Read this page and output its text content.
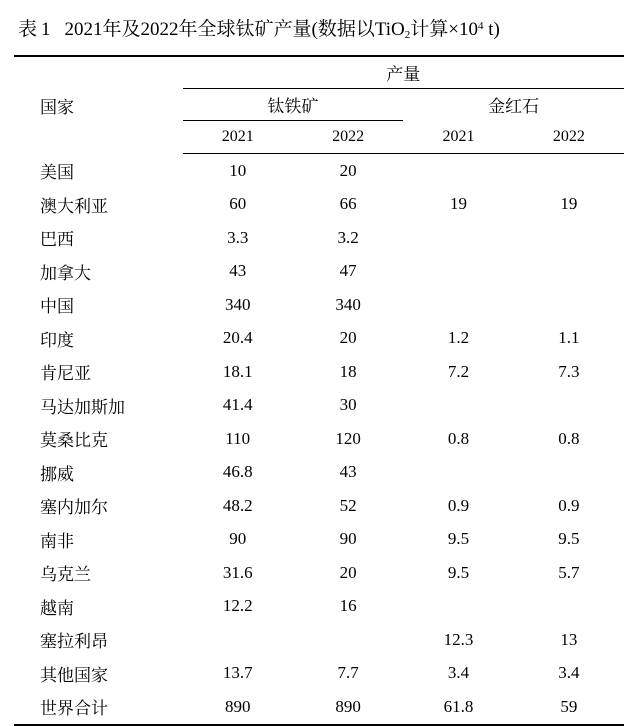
表 1 2021年及2022年全球钛矿产量(数据以TiO$_2$计算$\times 10^4$ t)
国家	产量			
	钛铁矿		金红石	
	2021	2022	2021	2022
美国	10	20		
澳大利亚	60	66	19	19
巴西	3.3	3.2		
加拿大	43	47		
中国	340	340		
印度	20.4	20	1.2	1.1
肯尼亚	18.1	18	7.2	7.3
马达加斯加	41.4	30		
莫桑比克	110	120	0.8	0.8
挪威	46.8	43		
塞内加尔	48.2	52	0.9	0.9
南非	90	90	9.5	9.5
乌克兰	31.6	20	9.5	5.7
越南	12.2	16		
塞拉利昂			12.3	13
其他国家	13.7	7.7	3.4	3.4
世界合计	890	890	61.8	59
